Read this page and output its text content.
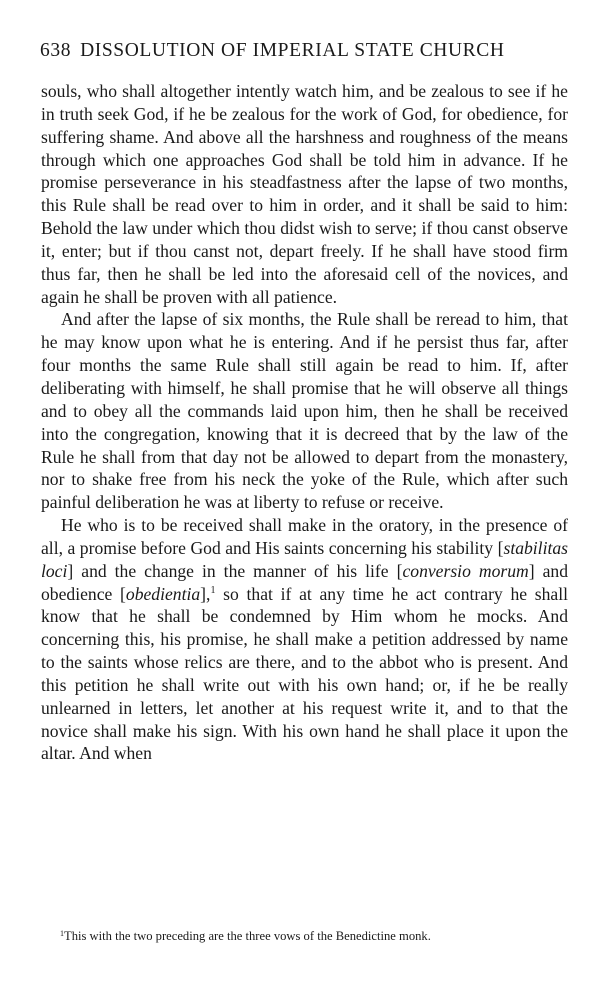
638 DISSOLUTION OF IMPERIAL STATE CHURCH

souls, who shall altogether intently watch him, and be zealous to see if he in truth seek God, if he be zealous for the work of God, for obedience, for suffering shame. And above all the harshness and roughness of the means through which one approaches God shall be told him in advance. If he promise perseverance in his steadfastness after the lapse of two months, this Rule shall be read over to him in order, and it shall be said to him: Behold the law under which thou didst wish to serve; if thou canst observe it, enter; but if thou canst not, depart freely. If he shall have stood firm thus far, then he shall be led into the aforesaid cell of the novices, and again he shall be proven with all patience.

And after the lapse of six months, the Rule shall be reread to him, that he may know upon what he is entering. And if he persist thus far, after four months the same Rule shall still again be read to him. If, after deliberating with himself, he shall promise that he will observe all things and to obey all the commands laid upon him, then he shall be received into the congregation, knowing that it is decreed that by the law of the Rule he shall from that day not be allowed to depart from the monastery, nor to shake free from his neck the yoke of the Rule, which after such painful deliberation he was at liberty to refuse or receive.

He who is to be received shall make in the oratory, in the presence of all, a promise before God and His saints concerning his stability [stabilitas loci] and the change in the manner of his life [conversio morum] and obedience [obedientia],$^1$ so that if at any time he act contrary he shall know that he shall be condemned by Him whom he mocks. And concerning this, his promise, he shall make a petition addressed by name to the saints whose relics are there, and to the abbot who is present. And this petition he shall write out with his own hand; or, if he be really unlearned in letters, let another at his request write it, and to that the novice shall make his sign. With his own hand he shall place it upon the altar. And when

$^1$This with the two preceding are the three vows of the Benedictine monk.
